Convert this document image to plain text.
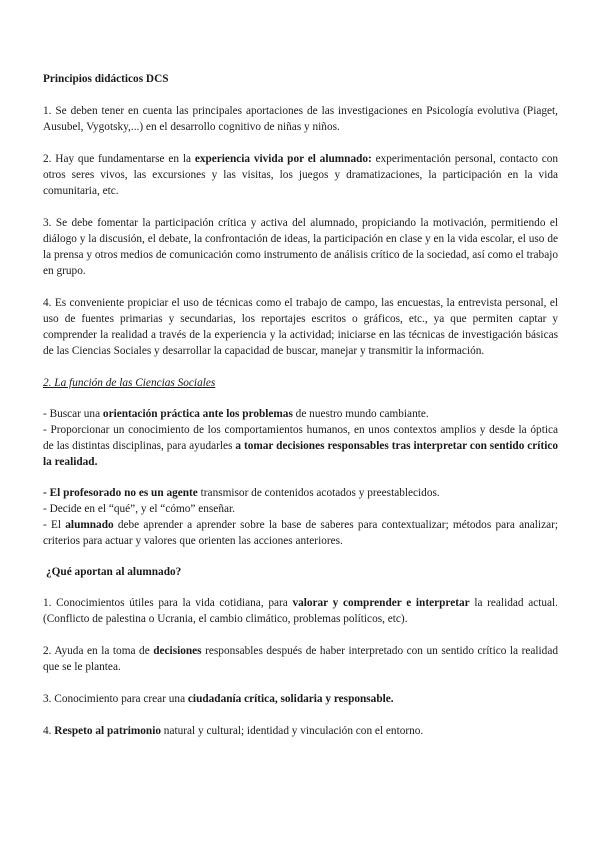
Principios didácticos DCS

1. Se deben tener en cuenta las principales aportaciones de las investigaciones en Psicología evolutiva (Piaget, Ausubel, Vygotsky,...) en el desarrollo cognitivo de niñas y niños.

2. Hay que fundamentarse en la experiencia vivida por el alumnado: experimentación personal, contacto con otros seres vivos, las excursiones y las visitas, los juegos y dramatizaciones, la participación en la vida comunitaria, etc.

3. Se debe fomentar la participación crítica y activa del alumnado, propiciando la motivación, permitiendo el diálogo y la discusión, el debate, la confrontación de ideas, la participación en clase y en la vida escolar, el uso de la prensa y otros medios de comunicación como instrumento de análisis crítico de la sociedad, así como el trabajo en grupo.

4. Es conveniente propiciar el uso de técnicas como el trabajo de campo, las encuestas, la entrevista personal, el uso de fuentes primarias y secundarias, los reportajes escritos o gráficos, etc., ya que permiten captar y comprender la realidad a través de la experiencia y la actividad; iniciarse en las técnicas de investigación básicas de las Ciencias Sociales y desarrollar la capacidad de buscar, manejar y transmitir la información.

2. La función de las Ciencias Sociales

- Buscar una orientación práctica ante los problemas de nuestro mundo cambiante.

- Proporcionar un conocimiento de los comportamientos humanos, en unos contextos amplios y desde la óptica de las distintas disciplinas, para ayudarles a tomar decisiones responsables tras interpretar con sentido crítico la realidad.

- El profesorado no es un agente transmisor de contenidos acotados y preestablecidos.

- Decide en el “qué”, y el “cómo” enseñar.

- El alumnado debe aprender a aprender sobre la base de saberes para contextualizar; métodos para analizar; criterios para actuar y valores que orienten las acciones anteriores.

¿Qué aportan al alumnado?

1. Conocimientos útiles para la vida cotidiana, para valorar y comprender e interpretar la realidad actual. (Conflicto de palestina o Ucrania, el cambio climático, problemas políticos, etc).

2. Ayuda en la toma de decisiones responsables después de haber interpretado con un sentido crítico la realidad que se le plantea.

3. Conocimiento para crear una ciudadanía crítica, solidaria y responsable.

4. Respeto al patrimonio natural y cultural; identidad y vinculación con el entorno.
